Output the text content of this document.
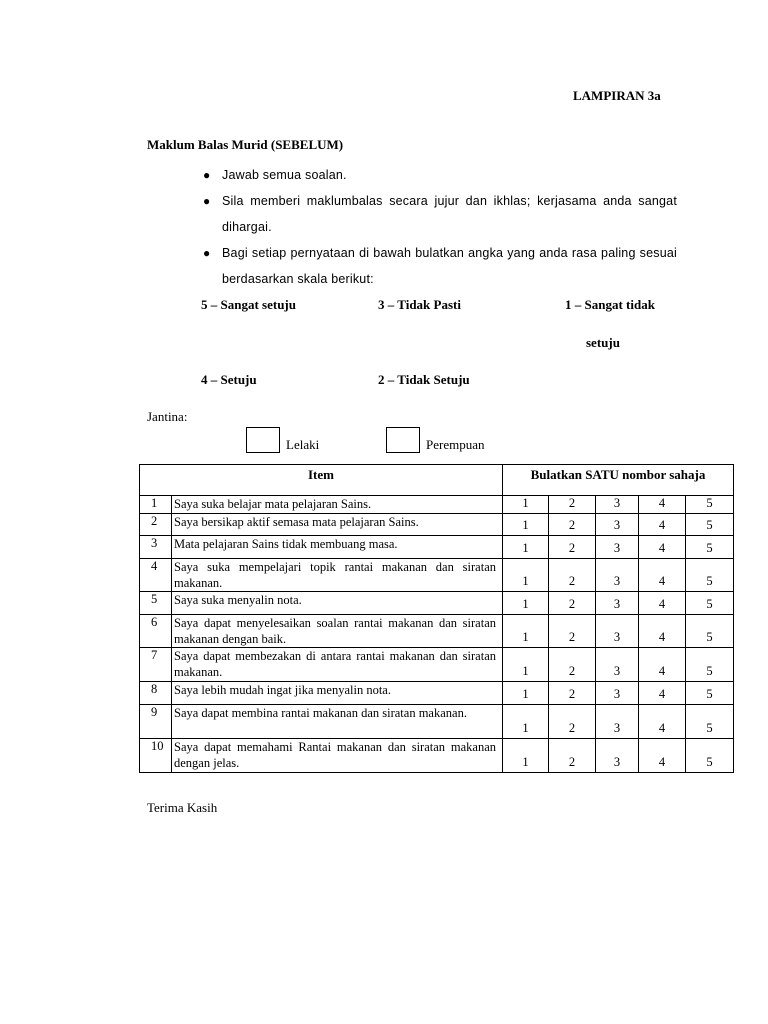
LAMPIRAN 3a
Maklum Balas Murid (SEBELUM)
● Jawab semua soalan.
● Sila memberi maklumbalas secara jujur dan ikhlas; kerjasama anda sangat dihargai.
● Bagi setiap pernyataan di bawah bulatkan angka yang anda rasa paling sesuai berdasarkan skala berikut:
5 – Sangat setuju	3 – Tidak Pasti	1 – Sangat tidak
setuju
4 – Setuju	2 – Tidak Setuju
Jantina:
Lelaki	Perempuan
Item		Bulatkan SATU nombor sahaja				
1	Saya suka belajar mata pelajaran Sains.	1	2	3	4	5
2	Saya bersikap aktif semasa mata pelajaran Sains.	1	2	3	4	5
3	Mata pelajaran Sains tidak membuang masa.	1	2	3	4	5
4	Saya suka mempelajari topik rantai makanan dan siratan makanan.	1	2	3	4	5
5	Saya suka menyalin nota.	1	2	3	4	5
6	Saya dapat menyelesaikan soalan rantai makanan dan siratan makanan dengan baik.	1	2	3	4	5
7	Saya dapat membezakan di antara rantai makanan dan siratan makanan.	1	2	3	4	5
8	Saya lebih mudah ingat jika menyalin nota.	1	2	3	4	5
9	Saya dapat membina rantai makanan dan siratan makanan.	1	2	3	4	5
10	Saya dapat memahami Rantai makanan dan siratan makanan dengan jelas.	1	2	3	4	5
Terima Kasih
